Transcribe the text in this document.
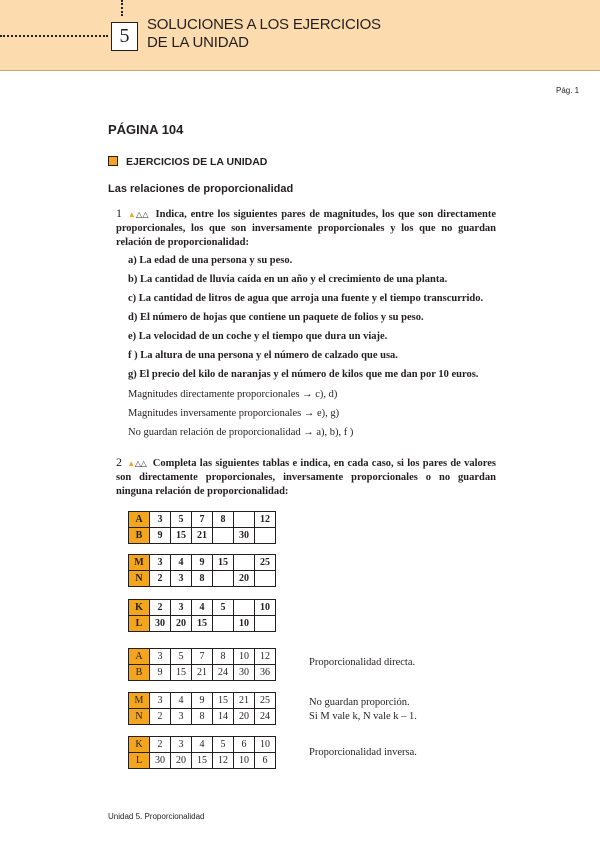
5
SOLUCIONES A LOS EJERCICIOS
DE LA UNIDAD
Pág. 1
PÁGINA 104
EJERCICIOS DE LA UNIDAD
Las relaciones de proporcionalidad
1 ▲△△ Indica, entre los siguientes pares de magnitudes, los que son directamente proporcionales, los que son inversamente proporcionales y los que no guardan relación de proporcionalidad:
a) La edad de una persona y su peso.
b) La cantidad de lluvia caída en un año y el crecimiento de una planta.
c) La cantidad de litros de agua que arroja una fuente y el tiempo transcurrido.
d) El número de hojas que contiene un paquete de folios y su peso.
e) La velocidad de un coche y el tiempo que dura un viaje.
f ) La altura de una persona y el número de calzado que usa.
g) El precio del kilo de naranjas y el número de kilos que me dan por 10 euros.
Magnitudes directamente proporcionales → c), d)
Magnitudes inversamente proporcionales → e), g)
No guardan relación de proporcionalidad → a), b), f )
2 ▲△△ Completa las siguientes tablas e indica, en cada caso, si los pares de valores son directamente proporcionales, inversamente proporcionales o no guardan ninguna relación de proporcionalidad:
A	3	5	7	8		12
B	9	15	21		30	
M	3	4	9	15		25
N	2	3	8		20	
K	2	3	4	5		10
L	30	20	15		10	
A	3	5	7	8	10	12
B	9	15	21	24	30	36
Proporcionalidad directa.
M	3	4	9	15	21	25
N	2	3	8	14	20	24
No guardan proporción.
Si M vale k, N vale k – 1.
K	2	3	4	5	6	10
L	30	20	15	12	10	6
Proporcionalidad inversa.
Unidad 5. Proporcionalidad
